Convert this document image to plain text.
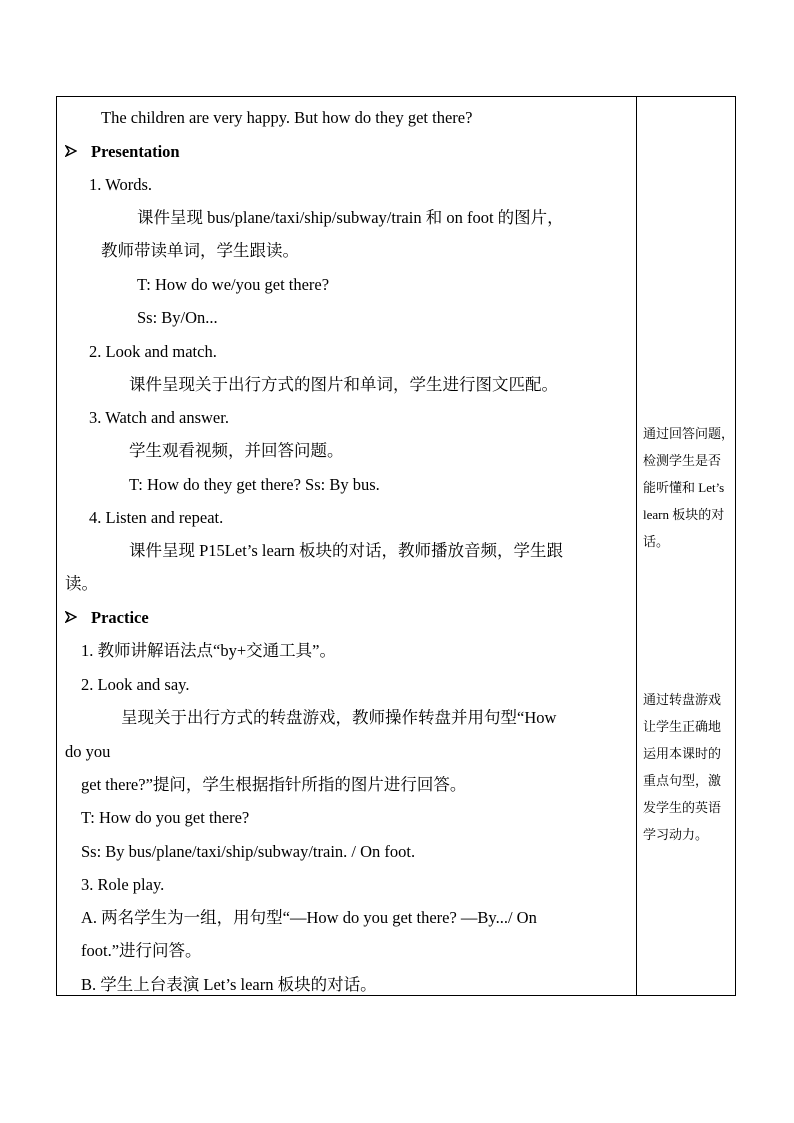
The children are very happy. But how do they get there?
Presentation
1. Words.
课件呈现 bus/plane/taxi/ship/subway/train 和 on foot 的图片，
教师带读单词，学生跟读。
T: How do we/you get there?
Ss: By/On...
2. Look and match.
课件呈现关于出行方式的图片和单词，学生进行图文匹配。
3. Watch and answer.
学生观看视频，并回答问题。
T: How do they get there? Ss: By bus.
4. Listen and repeat.
课件呈现 P15Let’s learn 板块的对话，教师播放音频，学生跟
读。
Practice
1. 教师讲解语法点“by+交通工具”。
2. Look and say.
呈现关于出行方式的转盘游戏，教师操作转盘并用句型“How
do you
get there?”提问，学生根据指针所指的图片进行回答。
T: How do you get there?
Ss: By bus/plane/taxi/ship/subway/train. / On foot.
3. Role play.
A. 两名学生为一组，用句型“—How do you get there? —By.../ On
foot.”进行问答。
B. 学生上台表演 Let’s learn 板块的对话。
通过回答问题，
检测学生是否
能听懂和 Let’s
learn 板块的对
话。
通过转盘游戏
让学生正确地
运用本课时的
重点句型，激
发学生的英语
学习动力。
